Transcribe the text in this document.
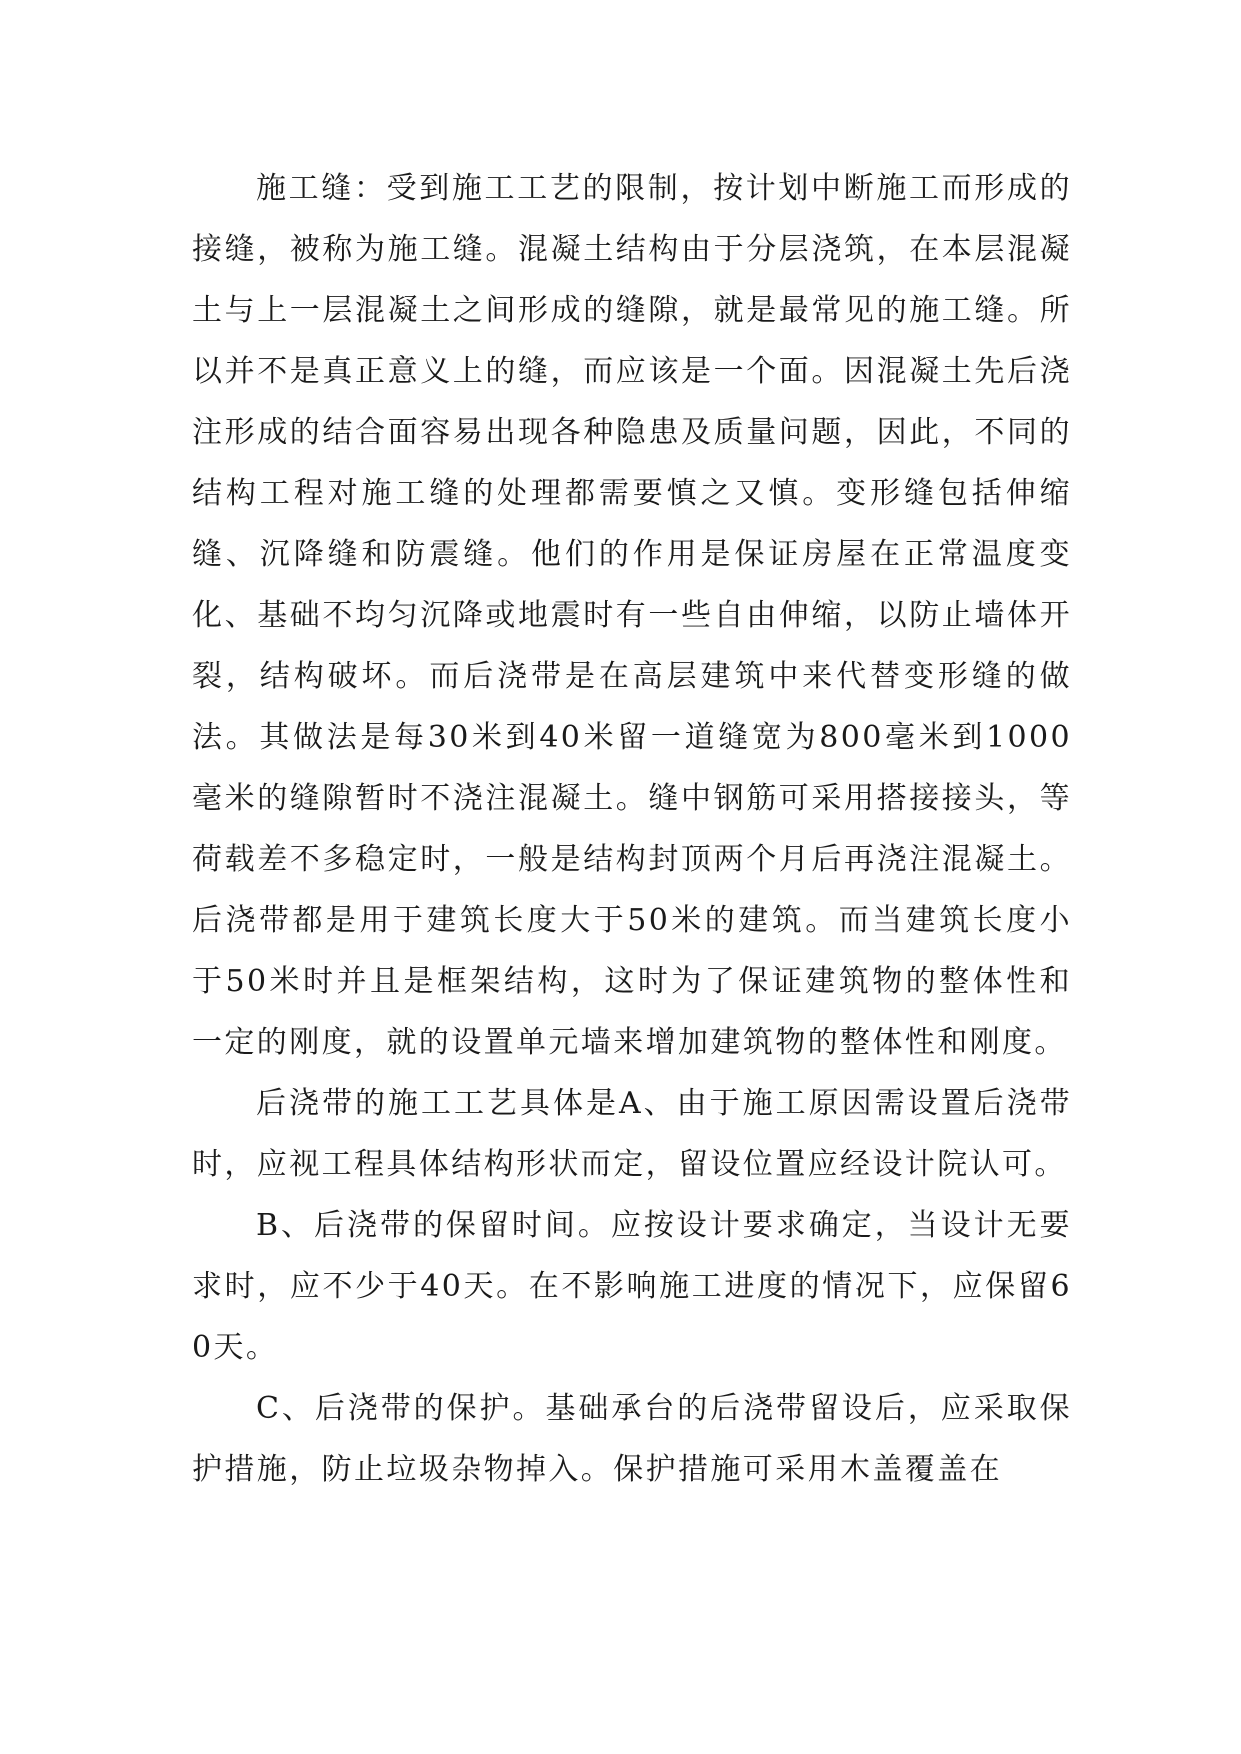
施工缝：受到施工工艺的限制，按计划中断施工而形成的接缝，被称为施工缝。混凝土结构由于分层浇筑，在本层混凝土与上一层混凝土之间形成的缝隙，就是最常见的施工缝。所以并不是真正意义上的缝，而应该是一个面。因混凝土先后浇注形成的结合面容易出现各种隐患及质量问题，因此，不同的结构工程对施工缝的处理都需要慎之又慎。变形缝包括伸缩缝、沉降缝和防震缝。他们的作用是保证房屋在正常温度变化、基础不均匀沉降或地震时有一些自由伸缩，以防止墙体开裂，结构破坏。而后浇带是在高层建筑中来代替变形缝的做法。其做法是每30米到40米留一道缝宽为800毫米到1000毫米的缝隙暂时不浇注混凝土。缝中钢筋可采用搭接接头，等荷载差不多稳定时，一般是结构封顶两个月后再浇注混凝土。后浇带都是用于建筑长度大于50米的建筑。而当建筑长度小于50米时并且是框架结构，这时为了保证建筑物的整体性和一定的刚度，就的设置单元墙来增加建筑物的整体性和刚度。

后浇带的施工工艺具体是A、由于施工原因需设置后浇带时，应视工程具体结构形状而定，留设位置应经设计院认可。

B、后浇带的保留时间。应按设计要求确定，当设计无要求时，应不少于40天。在不影响施工进度的情况下，应保留60天。

C、后浇带的保护。基础承台的后浇带留设后，应采取保护措施，防止垃圾杂物掉入。保护措施可采用木盖覆盖在
